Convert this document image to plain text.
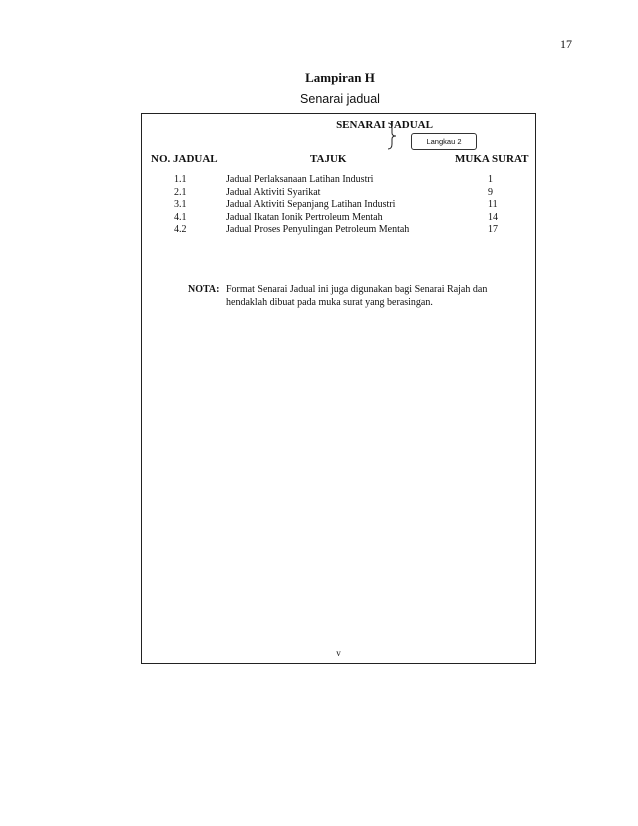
17
Lampiran H
Senarai jadual
SENARAI JADUAL
Langkau 2
NO. JADUAL	TAJUK	MUKA SURAT
1.1	Jadual Perlaksanaan Latihan Industri	1
2.1	Jadual Aktiviti Syarikat	9
3.1	Jadual Aktiviti Sepanjang Latihan Industri	11
4.1	Jadual Ikatan Ionik Pertroleum Mentah	14
4.2	Jadual Proses Penyulingan Petroleum Mentah	17
NOTA: Format Senarai Jadual ini juga digunakan bagi Senarai Rajah dan hendaklah dibuat pada muka surat yang berasingan.
v
